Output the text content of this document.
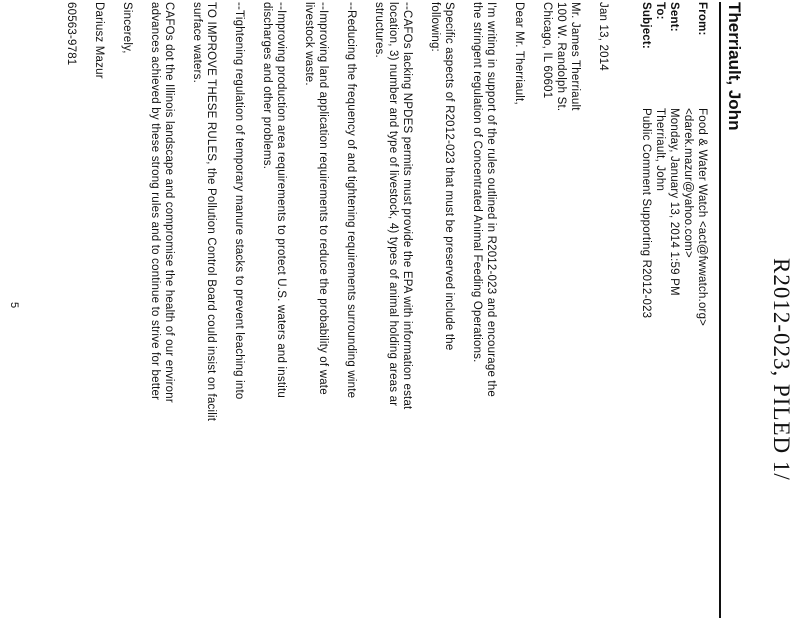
R2012-023, PILED 1/
Therriault, John
From:
Food & Water Watch <act@fwwatch.org>
<darek.mazur@yahoo.com>
Sent:
Monday, January 13, 2014 1:59 PM
To:
Therriault, John
Subject:
Public Comment Supporting R2012-023
Jan 13, 2014
Mr. James Therriault
100 W. Randolph St.
Chicago, IL 60601
Dear Mr. Therriault,
I'm writing in support of the rules outlined in R2012-023 and encourage the
the stringent regulation of Concentrated Animal Feeding Operations.
Specific aspects of R2012-023 that must be preserved include the
following:
--CAFOs lacking NPDES permits must provide the EPA with information estat
location, 3) number and type of livestock, 4) types of animal holding areas ar
structures.
--Reducing the frequency of and tightening requirements surrounding winte
--Improving land application requirements to reduce the probability of wate
livestock waste.
--Improving production area requirements to protect U.S. waters and institu
discharges and other problems.
--Tightening regulation of temporary manure stacks to prevent leaching into
TO IMPROVE THESE RULES, the Pollution Control Board could insist on facilit
surface waters.
CAFOs dot the Illinois landscape and compromise the health of our environr
advances achieved by these strong rules and to continue to strive for better
Sincerely,
Dariusz Mazur
60563-9781
5
